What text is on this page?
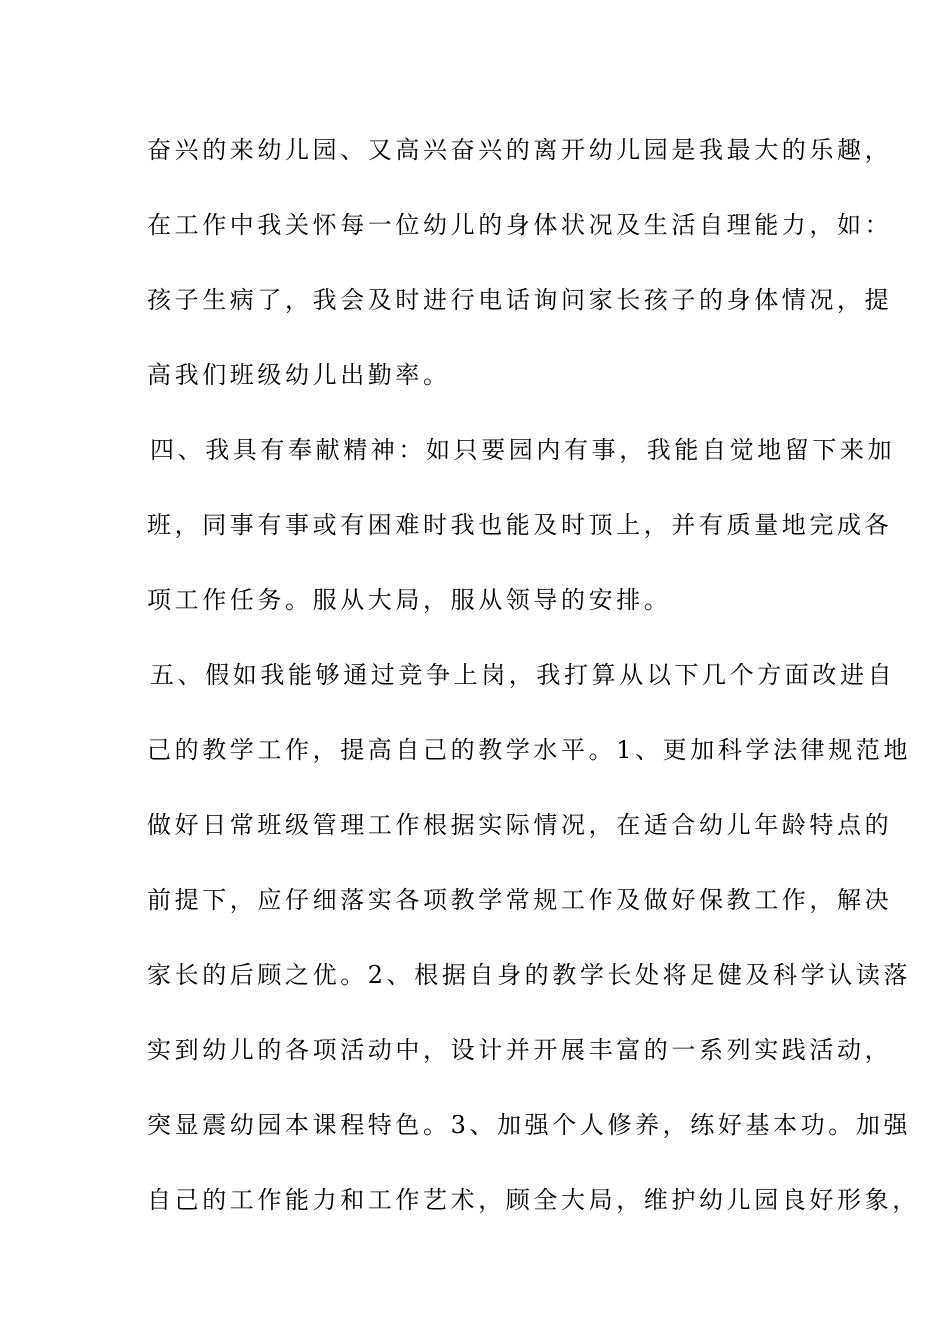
奋兴的来幼儿园、又高兴奋兴的离开幼儿园是我最大的乐趣，
在工作中我关怀每一位幼儿的身体状况及生活自理能力，如：
孩子生病了，我会及时进行电话询问家长孩子的身体情况，提
高我们班级幼儿出勤率。
四、我具有奉献精神：如只要园内有事，我能自觉地留下来加
班，同事有事或有困难时我也能及时顶上，并有质量地完成各
项工作任务。服从大局，服从领导的安排。
五、假如我能够通过竞争上岗，我打算从以下几个方面改进自
己的教学工作，提高自己的教学水平。1、更加科学法律规范地
做好日常班级管理工作根据实际情况，在适合幼儿年龄特点的
前提下，应仔细落实各项教学常规工作及做好保教工作，解决
家长的后顾之优。2、根据自身的教学长处将足健及科学认读落
实到幼儿的各项活动中，设计并开展丰富的一系列实践活动，
突显震幼园本课程特色。3、加强个人修养，练好基本功。加强
自己的工作能力和工作艺术，顾全大局，维护幼儿园良好形象，
